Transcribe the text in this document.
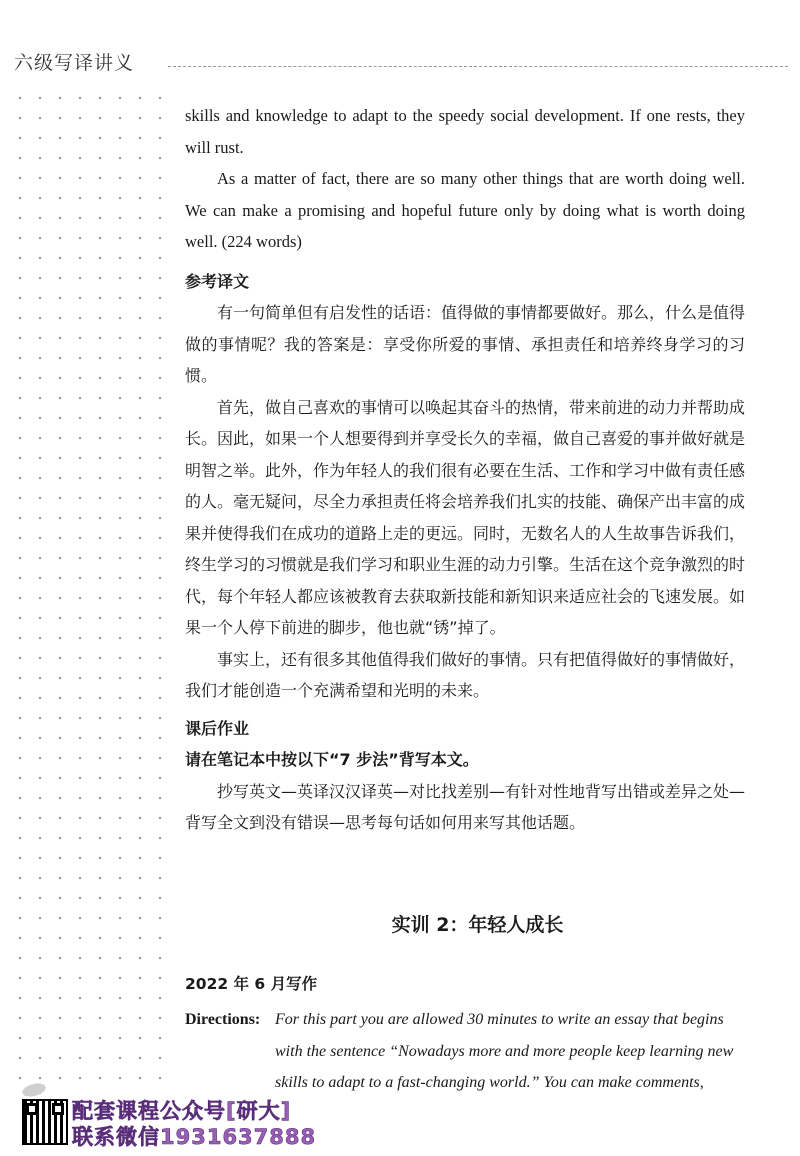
六级写译讲义

skills and knowledge to adapt to the speedy social development. If one rests, they will rust.

As a matter of fact, there are so many other things that are worth doing well. We can make a promising and hopeful future only by doing what is worth doing well. (224 words)

参考译文

有一句简单但有启发性的话语：值得做的事情都要做好。那么，什么是值得做的事情呢？我的答案是：享受你所爱的事情、承担责任和培养终身学习的习惯。

首先，做自己喜欢的事情可以唤起其奋斗的热情，带来前进的动力并帮助成长。因此，如果一个人想要得到并享受长久的幸福，做自己喜爱的事并做好就是明智之举。此外，作为年轻人的我们很有必要在生活、工作和学习中做有责任感的人。毫无疑问，尽全力承担责任将会培养我们扎实的技能、确保产出丰富的成果并使得我们在成功的道路上走的更远。同时，无数名人的人生故事告诉我们，终生学习的习惯就是我们学习和职业生涯的动力引擎。生活在这个竞争激烈的时代，每个年轻人都应该被教育去获取新技能和新知识来适应社会的飞速发展。如果一个人停下前进的脚步，他也就“锈”掉了。

事实上，还有很多其他值得我们做好的事情。只有把值得做好的事情做好，我们才能创造一个充满希望和光明的未来。

课后作业

请在笔记本中按以下“7 步法”背写本文。

抄写英文—英译汉汉译英—对比找差别—有针对性地背写出错或差异之处—背写全文到没有错误—思考每句话如何用来写其他话题。

实训 2：年轻人成长
2022 年 6 月写作
Directions: For this part you are allowed 30 minutes to write an essay that begins
with the sentence “Nowadays more and more people keep learning new skills to adapt to a fast-changing world.” You can make comments,
配套课程公众号[研大]
联系微信19316378​88
